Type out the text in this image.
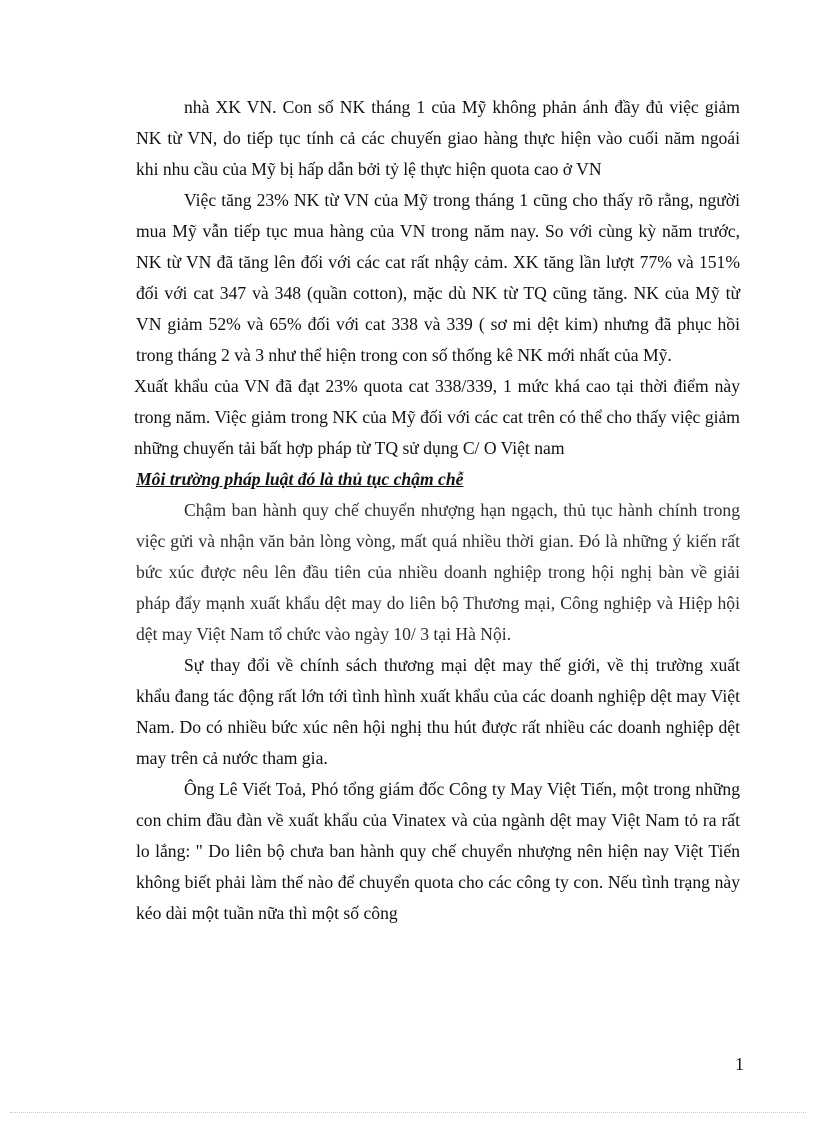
nhà XK VN. Con số NK tháng 1 của Mỹ không phản ánh đầy đủ việc giảm NK từ VN, do tiếp tục tính cả các chuyến giao hàng thực hiện vào cuối năm ngoái khi nhu cầu của Mỹ bị hấp dẫn bởi tỷ lệ thực hiện quota cao ở VN

Việc tăng 23% NK từ VN của Mỹ trong tháng 1 cũng cho thấy rõ rằng, người mua Mỹ vẫn tiếp tục mua hàng của VN trong năm nay. So với cùng kỳ năm trước, NK từ VN đã tăng lên đối với các cat rất nhậy cảm. XK tăng lần lượt 77% và 151% đối với cat 347 và 348 (quần cotton), mặc dù NK từ TQ cũng tăng. NK của Mỹ từ VN giảm 52% và 65% đối với cat 338 và 339 ( sơ mi dệt kim) nhưng đã phục hồi trong tháng 2 và 3 như thể hiện trong con số thống kê NK mới nhất của Mỹ.

Xuất khẩu của VN đã đạt 23% quota cat 338/339, 1 mức khá cao tại thời điểm này trong năm. Việc giảm trong NK của Mỹ đối với các cat trên có thể cho thấy việc giảm những chuyến tải bất hợp pháp từ TQ sử dụng C/ O Việt nam

Môi trường pháp luật đó là thủ tục chậm chễ

Chậm ban hành quy chế chuyển nhượng hạn ngạch, thủ tục hành chính trong việc gửi và nhận văn bản lòng vòng, mất quá nhiều thời gian. Đó là những ý kiến rất bức xúc được nêu lên đầu tiên của nhiều doanh nghiệp trong hội nghị bàn về giải pháp đẩy mạnh xuất khẩu dệt may do liên bộ Thương mại, Công nghiệp và Hiệp hội dệt may Việt Nam tổ chức vào ngày 10/ 3 tại Hà Nội.

Sự thay đổi về chính sách thương mại dệt may thế giới, về thị trường xuất khẩu đang tác động rất lớn tới tình hình xuất khẩu của các doanh nghiệp dệt may Việt Nam. Do có nhiều bức xúc nên hội nghị thu hút được rất nhiều các doanh nghiệp dệt may trên cả nước tham gia.

Ông Lê Viết Toả, Phó tổng giám đốc Công ty May Việt Tiến, một trong những con chim đầu đàn về xuất khẩu của Vinatex và của ngành dệt may Việt Nam tỏ ra rất lo lắng: " Do liên bộ chưa ban hành quy chế chuyển nhượng nên hiện nay Việt Tiến không biết phải làm thế nào để chuyển quota cho các công ty con. Nếu tình trạng này kéo dài một tuần nữa thì một số công

1
